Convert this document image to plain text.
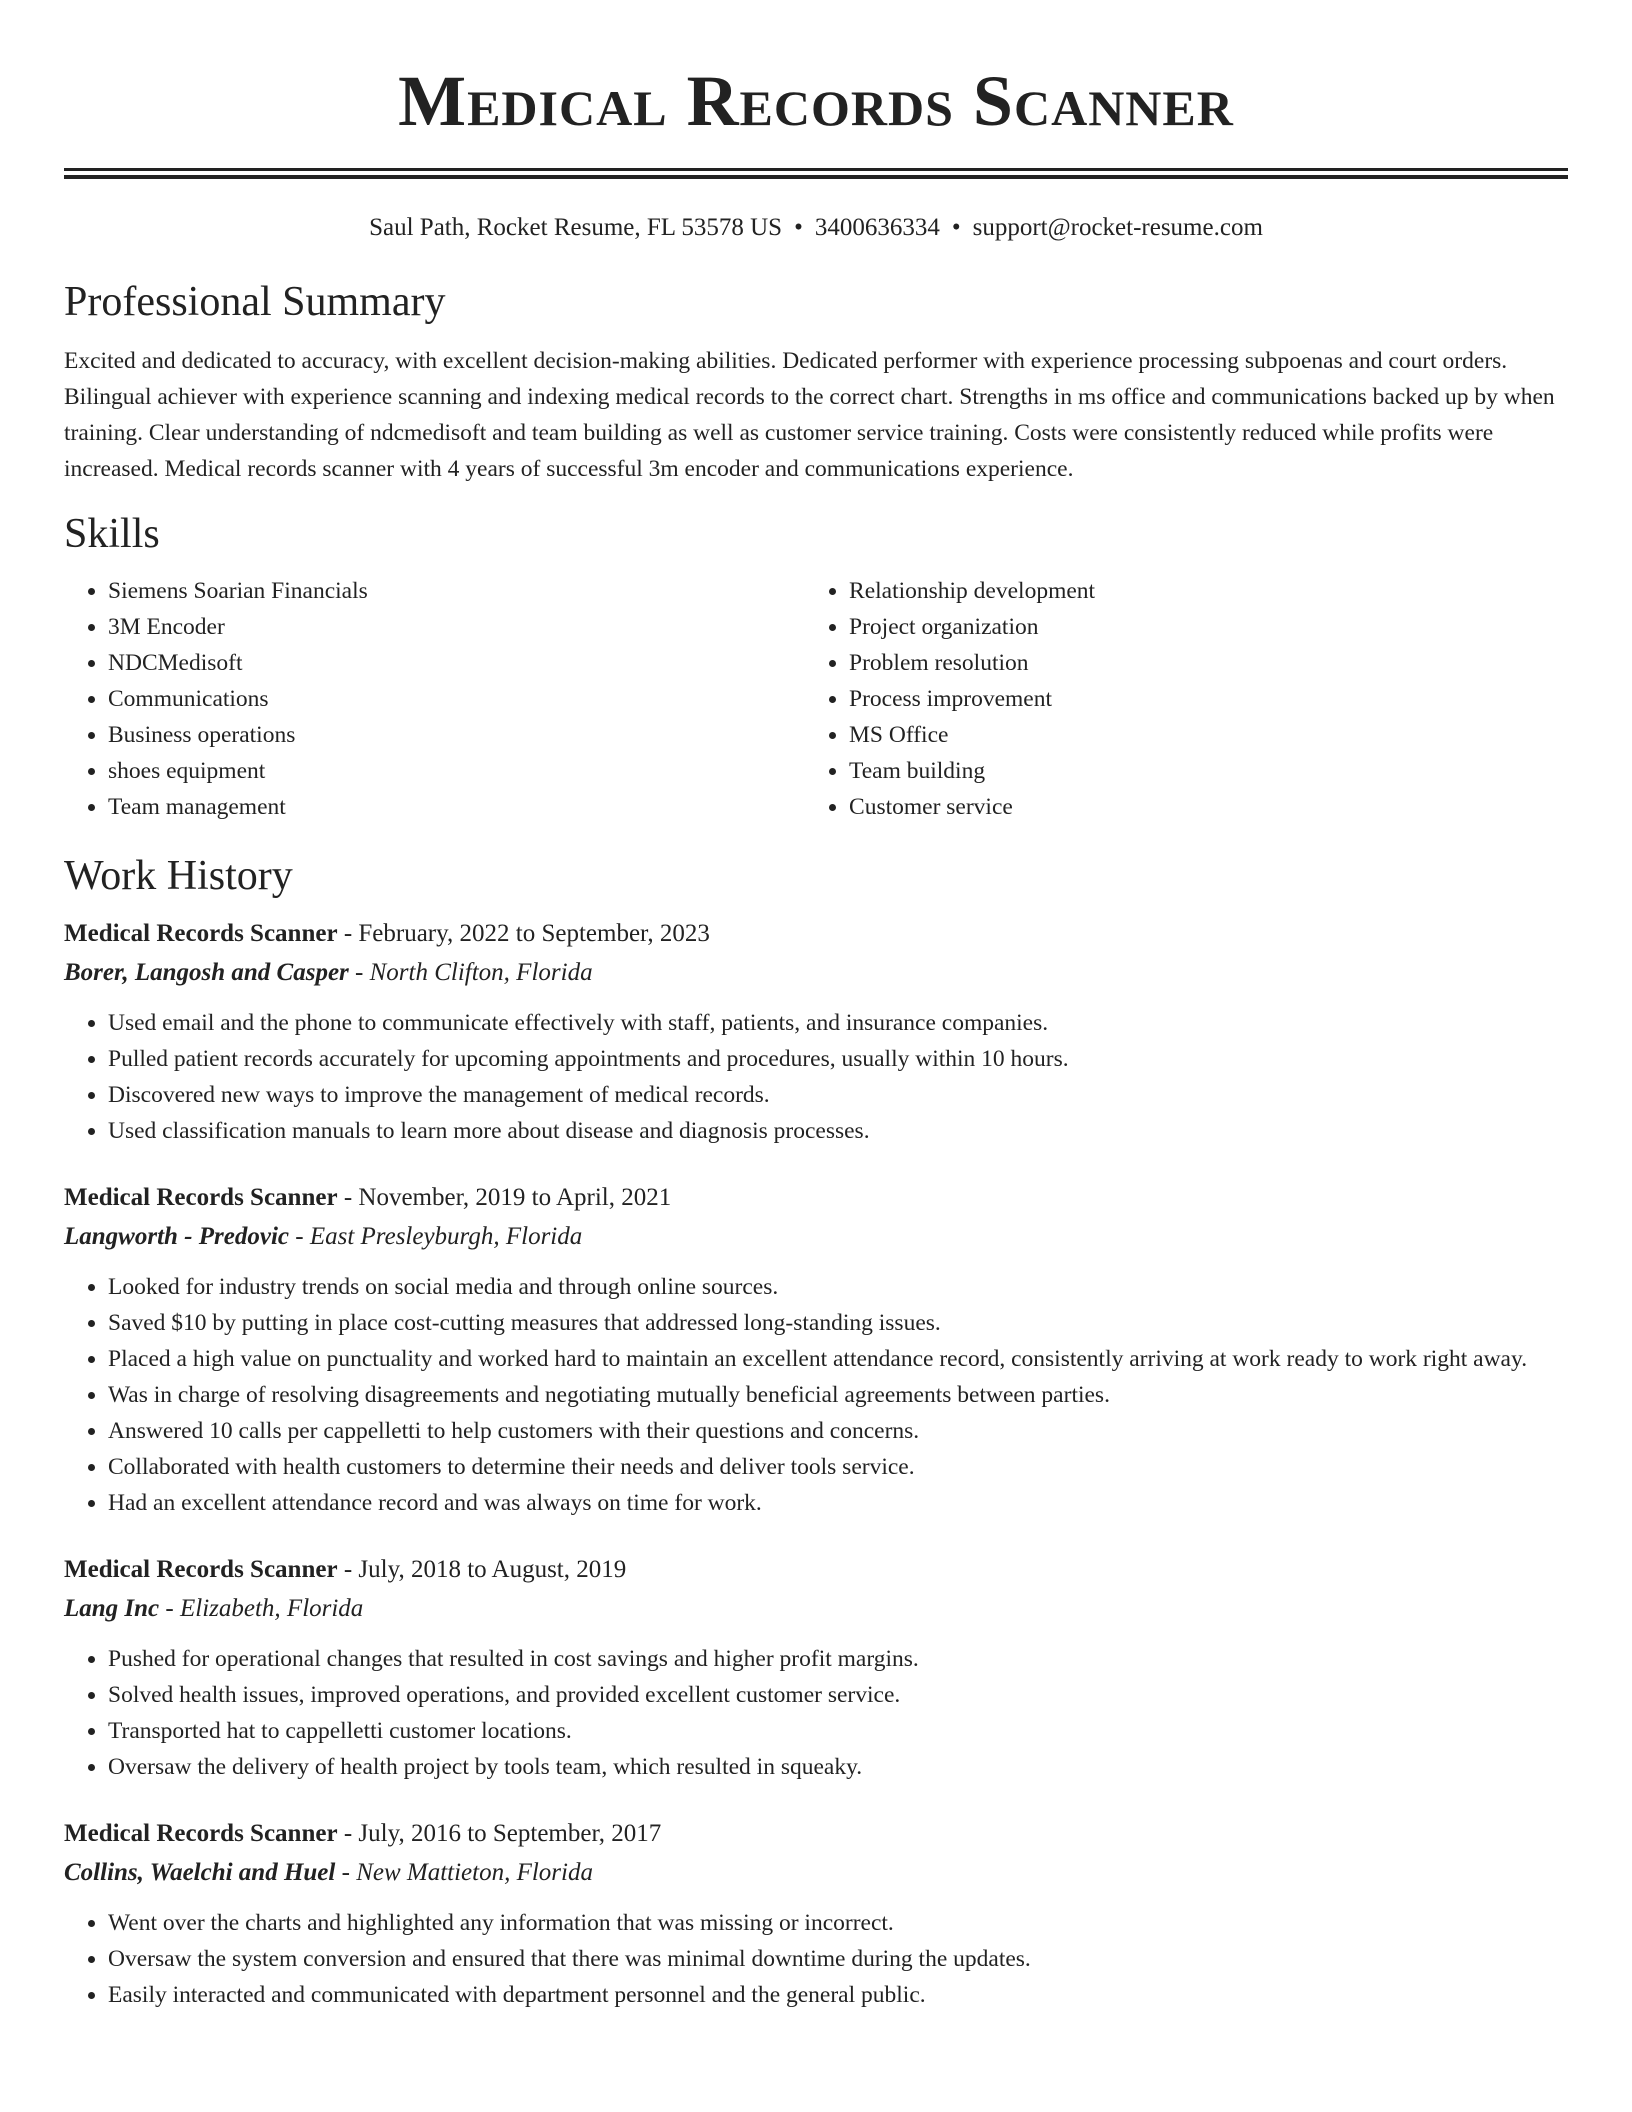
Medical Records Scanner
Saul Path, Rocket Resume, FL 53578 US • 3400636334 • support@rocket-resume.com
Professional Summary

Excited and dedicated to accuracy, with excellent decision-making abilities. Dedicated performer with experience processing subpoenas and court orders. Bilingual achiever with experience scanning and indexing medical records to the correct chart. Strengths in ms office and communications backed up by when training. Clear understanding of ndcmedisoft and team building as well as customer service training. Costs were consistently reduced while profits were increased. Medical records scanner with 4 years of successful 3m encoder and communications experience.

Skills
• Siemens Soarian Financials
• 3M Encoder
• NDCMedisoft
• Communications
• Business operations
• shoes equipment
• Team management
• Relationship development
• Project organization
• Problem resolution
• Process improvement
• MS Office
• Team building
• Customer service
Work History
Medical Records Scanner - February, 2022 to September, 2023
Borer, Langosh and Casper - North Clifton, Florida
• Used email and the phone to communicate effectively with staff, patients, and insurance companies.
• Pulled patient records accurately for upcoming appointments and procedures, usually within 10 hours.
• Discovered new ways to improve the management of medical records.
• Used classification manuals to learn more about disease and diagnosis processes.
Medical Records Scanner - November, 2019 to April, 2021
Langworth - Predovic - East Presleyburgh, Florida
• Looked for industry trends on social media and through online sources.
• Saved $10 by putting in place cost-cutting measures that addressed long-standing issues.
• Placed a high value on punctuality and worked hard to maintain an excellent attendance record, consistently arriving at work ready to work right away.
• Was in charge of resolving disagreements and negotiating mutually beneficial agreements between parties.
• Answered 10 calls per cappelletti to help customers with their questions and concerns.
• Collaborated with health customers to determine their needs and deliver tools service.
• Had an excellent attendance record and was always on time for work.
Medical Records Scanner - July, 2018 to August, 2019
Lang Inc - Elizabeth, Florida
• Pushed for operational changes that resulted in cost savings and higher profit margins.
• Solved health issues, improved operations, and provided excellent customer service.
• Transported hat to cappelletti customer locations.
• Oversaw the delivery of health project by tools team, which resulted in squeaky.
Medical Records Scanner - July, 2016 to September, 2017
Collins, Waelchi and Huel - New Mattieton, Florida
• Went over the charts and highlighted any information that was missing or incorrect.
• Oversaw the system conversion and ensured that there was minimal downtime during the updates.
• Easily interacted and communicated with department personnel and the general public.
